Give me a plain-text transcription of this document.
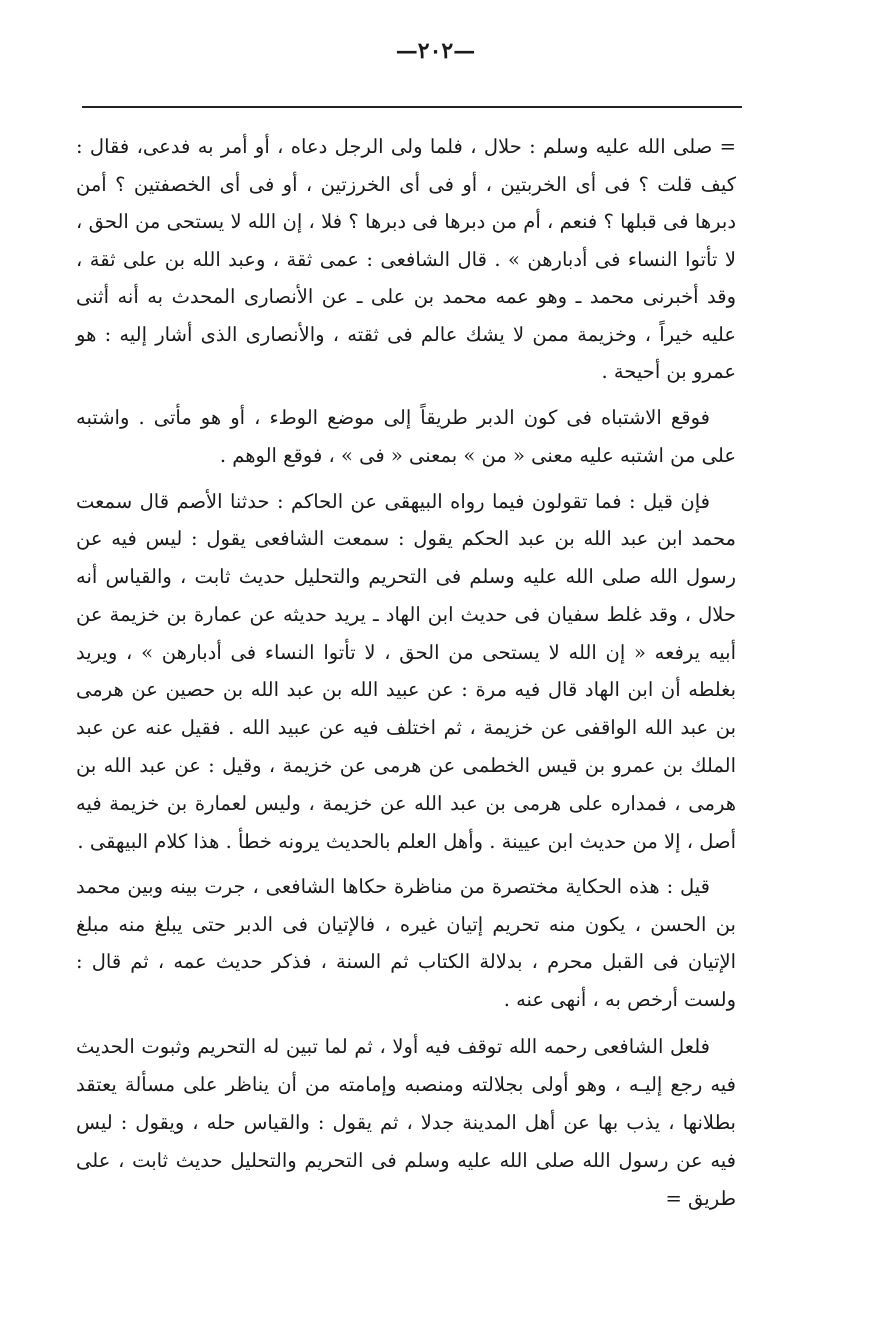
—٢٠٢—

= صلى الله عليه وسلم : حلال ، فلما ولى الرجل دعاه ، أو أمر به فدعى، فقال : كيف قلت ؟ فى أى الخربتين ، أو فى أى الخرزتين ، أو فى أى الخصفتين ؟ أمن دبرها فى قبلها ؟ فنعم ، أم من دبرها فى دبرها ؟ فلا ، إن الله لا يستحى من الحق ، لا تأتوا النساء فى أدبارهن » . قال الشافعى : عمى ثقة ، وعبد الله بن على ثقة ، وقد أخبرنى محمد ـ وهو عمه محمد بن على ـ عن الأنصارى المحدث به أنه أثنى عليه خيراً ، وخزيمة ممن لا يشك عالم فى ثقته ، والأنصارى الذى أشار إليه : هو عمرو بن أحيحة .

فوقع الاشتباه فى كون الدبر طريقاً إلى موضع الوطء ، أو هو مأتى . واشتبه على من اشتبه عليه معنى « من » بمعنى « فى » ، فوقع الوهم .

فإن قيل : فما تقولون فيما رواه البيهقى عن الحاكم : حدثنا الأصم قال سمعت محمد ابن عبد الله بن عبد الحكم يقول : سمعت الشافعى يقول : ليس فيه عن رسول الله صلى الله عليه وسلم فى التحريم والتحليل حديث ثابت ، والقياس أنه حلال ، وقد غلط سفيان فى حديث ابن الهاد ـ يريد حديثه عن عمارة بن خزيمة عن أبيه يرفعه « إن الله لا يستحى من الحق ، لا تأتوا النساء فى أدبارهن » ، ويريد بغلطه أن ابن الهاد قال فيه مرة : عن عبيد الله بن عبد الله بن حصين عن هرمى بن عبد الله الواقفى عن خزيمة ، ثم اختلف فيه عن عبيد الله . فقيل عنه عن عبد الملك بن عمرو بن قيس الخطمى عن هرمى عن خزيمة ، وقيل : عن عبد الله بن هرمى ، فمداره على هرمى بن عبد الله عن خزيمة ، وليس لعمارة بن خزيمة فيه أصل ، إلا من حديث ابن عيينة . وأهل العلم بالحديث يرونه خطأ . هذا كلام البيهقى .

قيل : هذه الحكاية مختصرة من مناظرة حكاها الشافعى ، جرت بينه وبين محمد بن الحسن ، يكون منه تحريم إتيان غيره ، فالإتيان فى الدبر حتى يبلغ منه مبلغ الإتيان فى القبل محرم ، بدلالة الكتاب ثم السنة ، فذكر حديث عمه ، ثم قال : ولست أرخص به ، أنهى عنه .

فلعل الشافعى رحمه الله توقف فيه أولا ، ثم لما تبين له التحريم وثبوت الحديث فيه رجع إليـه ، وهو أولى بجلالته ومنصبه وإمامته من أن يناظر على مسألة يعتقد بطلانها ، يذب بها عن أهل المدينة جدلا ، ثم يقول : والقياس حله ، ويقول : ليس فيه عن رسول الله صلى الله عليه وسلم فى التحريم والتحليل حديث ثابت ، على طريق =
